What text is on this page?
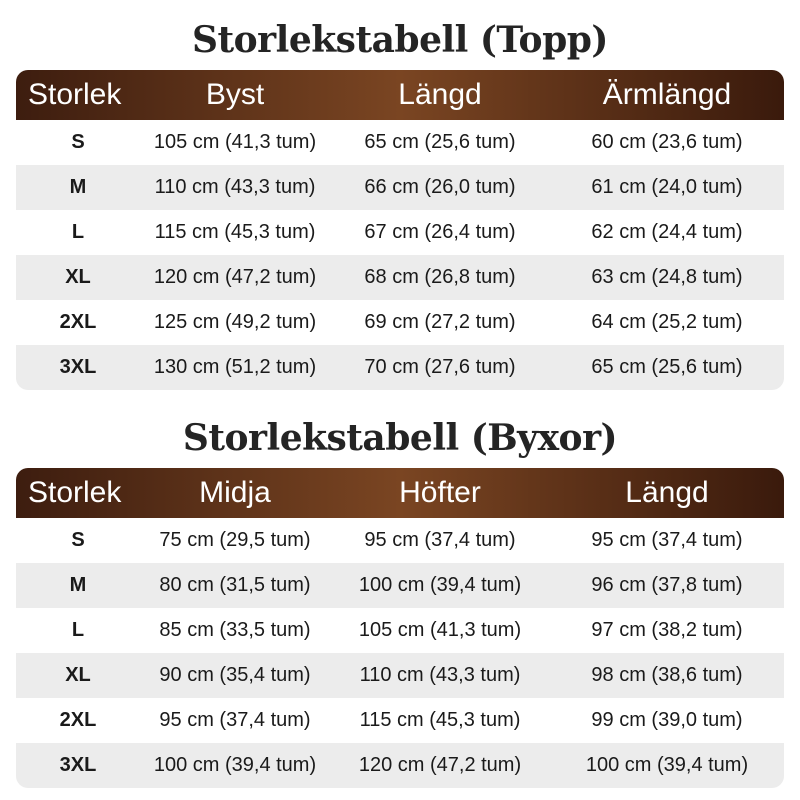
Storlekstabell (Topp)
Storlek	Byst	Längd	Ärmlängd
S	105 cm (41,3 tum)	65 cm (25,6 tum)	60 cm (23,6 tum)
M	110 cm (43,3 tum)	66 cm (26,0 tum)	61 cm (24,0 tum)
L	115 cm (45,3 tum)	67 cm (26,4 tum)	62 cm (24,4 tum)
XL	120 cm (47,2 tum)	68 cm (26,8 tum)	63 cm (24,8 tum)
2XL	125 cm (49,2 tum)	69 cm (27,2 tum)	64 cm (25,2 tum)
3XL	130 cm (51,2 tum)	70 cm (27,6 tum)	65 cm (25,6 tum)
Storlekstabell (Byxor)
Storlek	Midja	Höfter	Längd
S	75 cm (29,5 tum)	95 cm (37,4 tum)	95 cm (37,4 tum)
M	80 cm (31,5 tum)	100 cm (39,4 tum)	96 cm (37,8 tum)
L	85 cm (33,5 tum)	105 cm (41,3 tum)	97 cm (38,2 tum)
XL	90 cm (35,4 tum)	110 cm (43,3 tum)	98 cm (38,6 tum)
2XL	95 cm (37,4 tum)	115 cm (45,3 tum)	99 cm (39,0 tum)
3XL	100 cm (39,4 tum)	120 cm (47,2 tum)	100 cm (39,4 tum)
